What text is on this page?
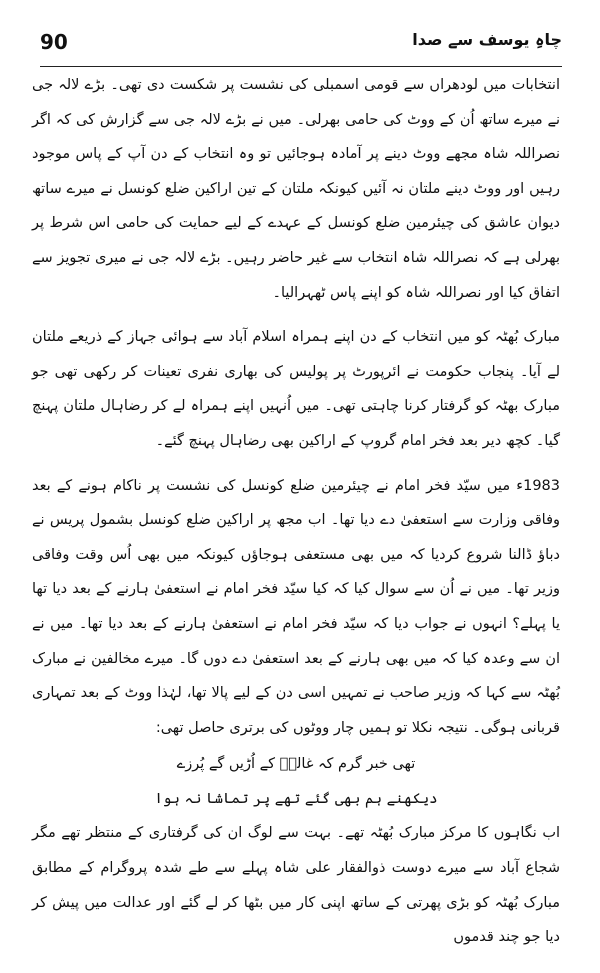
90	چاہِ یوسف سے صدا

انتخابات میں لودھراں سے قومی اسمبلی کی نشست پر شکست دی تھی۔ بڑے لالہ جی نے میرے ساتھ اُن کے ووٹ کی حامی بھرلی۔ میں نے بڑے لالہ جی سے گزارش کی کہ اگر نصراللہ شاہ مجھے ووٹ دینے پر آمادہ ہوجائیں تو وہ انتخاب کے دن آپ کے پاس موجود رہیں اور ووٹ دینے ملتان نہ آئیں کیونکہ ملتان کے تین اراکین ضلع کونسل نے میرے ساتھ دیوان عاشق کی چیئرمین ضلع کونسل کے عہدے کے لیے حمایت کی حامی اس شرط پر بھرلی ہے کہ نصراللہ شاہ انتخاب سے غیر حاضر رہیں۔ بڑے لالہ جی نے میری تجویز سے اتفاق کیا اور نصراللہ شاہ کو اپنے پاس ٹھہرالیا۔

مبارک بُھٹہ کو میں انتخاب کے دن اپنے ہمراہ اسلام آباد سے ہوائی جہاز کے ذریعے ملتان لے آیا۔ پنجاب حکومت نے ائرپورٹ پر پولیس کی بھاری نفری تعینات کر رکھی تھی جو مبارک بھٹہ کو گرفتار کرنا چاہتی تھی۔ میں اُنہیں اپنے ہمراہ لے کر رضاہال ملتان پہنچ گیا۔ کچھ دیر بعد فخر امام گروپ کے اراکین بھی رضاہال پہنچ گئے۔

1983ء میں سیّد فخر امام نے چیئرمین ضلع کونسل کی نشست پر ناکام ہونے کے بعد وفاقی وزارت سے استعفیٰ دے دیا تھا۔ اب مجھ پر اراکین ضلع کونسل بشمول پریس نے دباؤ ڈالنا شروع کردیا کہ میں بھی مستعفی ہوجاؤں کیونکہ میں بھی اُس وقت وفاقی وزیر تھا۔ میں نے اُن سے سوال کیا کہ کیا سیّد فخر امام نے استعفیٰ ہارنے کے بعد دیا تھا یا پہلے؟ انہوں نے جواب دیا کہ سیّد فخر امام نے استعفیٰ ہارنے کے بعد دیا تھا۔ میں نے ان سے وعدہ کیا کہ میں بھی ہارنے کے بعد استعفیٰ دے دوں گا۔ میرے مخالفین نے مبارک بُھٹہ سے کہا کہ وزیر صاحب نے تمہیں اسی دن کے لیے پالا تھا، لہٰذا ووٹ کے بعد تمہاری قربانی ہوگی۔ نتیجہ نکلا تو ہمیں چار ووٹوں کی برتری حاصل تھی:

تھی خبر گرم کہ غالبؔ کے اُڑیں گے پُرزے

دیکھنے ہم بھی گئے تھے پر تماشا نہ ہوا

اب نگاہوں کا مرکز مبارک بُھٹہ تھے۔ بہت سے لوگ ان کی گرفتاری کے منتظر تھے مگر شجاع آباد سے میرے دوست ذوالفقار علی شاہ پہلے سے طے شدہ پروگرام کے مطابق مبارک بُھٹہ کو بڑی پھرتی کے ساتھ اپنی کار میں بٹھا کر لے گئے اور عدالت میں پیش کر دیا جو چند قدموں
